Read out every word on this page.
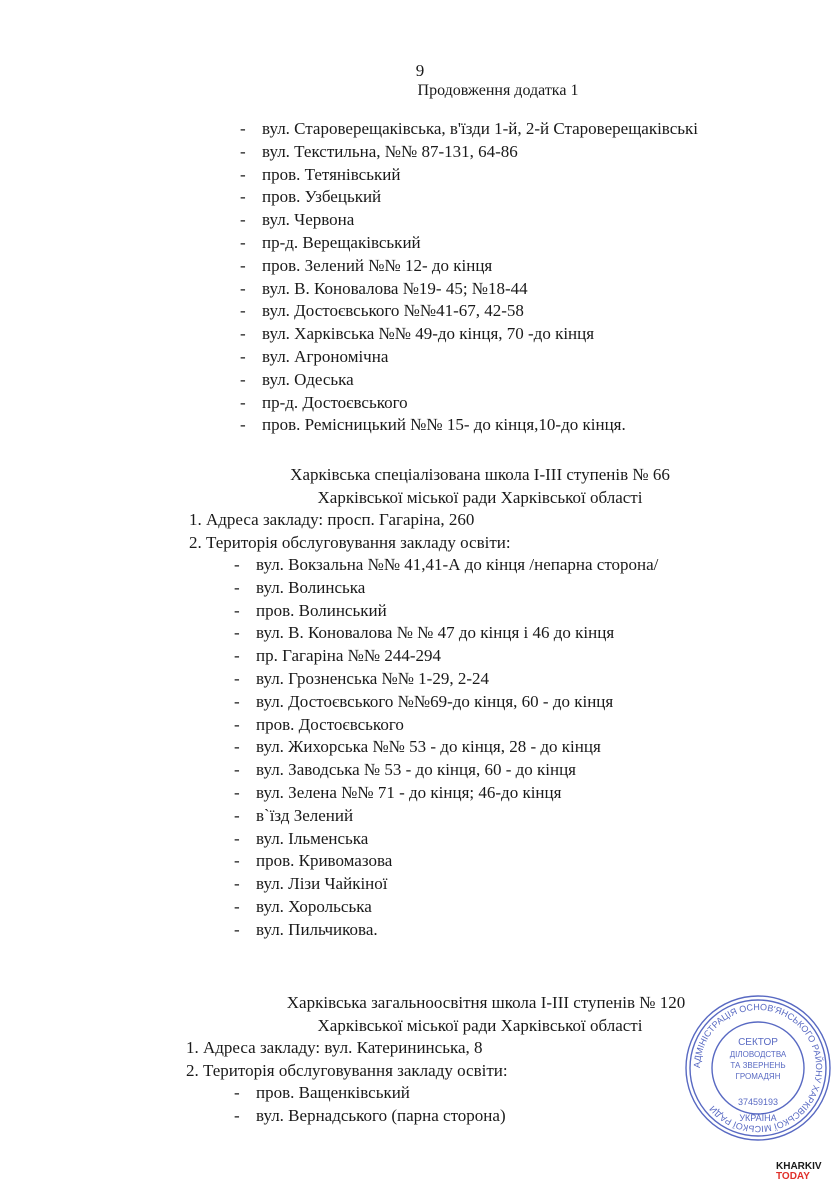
9
Продовження додатка 1
- вул. Староверещаківська, в'їзди 1-й, 2-й Староверещаківські
- вул. Текстильна, №№ 87-131, 64-86
- пров. Тетянівський
- пров. Узбецький
- вул. Червона
- пр-д. Верещаківський
- пров. Зелений №№ 12- до кінця
- вул. В. Коновалова №19- 45; №18-44
- вул. Достоєвського №№41-67, 42-58
- вул. Харківська №№ 49-до кінця, 70 -до кінця
- вул. Агрономічна
- вул. Одеська
- пр-д. Достоєвського
- пров. Ремісницький №№ 15- до кінця,10-до кінця.
Харківська спеціалізована школа I-III ступенів № 66
Харківської міської ради Харківської області
1. Адреса закладу: просп. Гагаріна, 260
2. Територія обслуговування закладу освіти:
- вул. Вокзальна №№ 41,41-А до кінця /непарна сторона/
- вул. Волинська
- пров. Волинський
- вул. В. Коновалова № № 47 до кінця і 46 до кінця
- пр. Гагаріна №№ 244-294
- вул. Грозненська №№ 1-29, 2-24
- вул. Достоєвського №№69-до кінця, 60 - до кінця
- пров. Достоєвського
- вул. Жихорська №№ 53 - до кінця, 28 - до кінця
- вул. Заводська № 53 - до кінця, 60 - до кінця
- вул. Зелена №№ 71 - до кінця; 46-до кінця
- в`їзд Зелений
- вул. Ільменська
- пров. Кривомазова
- вул. Лізи Чайкіної
- вул. Хорольська
- вул. Пильчикова.
Харківська загальноосвітня школа I-III ступенів № 120
Харківської міської ради Харківської області
1. Адреса закладу: вул. Катерининська, 8
2. Територія обслуговування закладу освіти:
- пров. Ващенківський
- вул. Вернадського (парна сторона)
АДМІНІСТРАЦІЯ ОСНОВ'ЯНСЬКОГО РАЙОНУ ХАРКІВСЬКОЇ МІСЬКОЇ РАДИ
СЕКТОР
ДІЛОВОДСТВА
ТА ЗВЕРНЕНЬ
ГРОМАДЯН
37459193
УКРАЇНА
KHARKIV
TODAY
